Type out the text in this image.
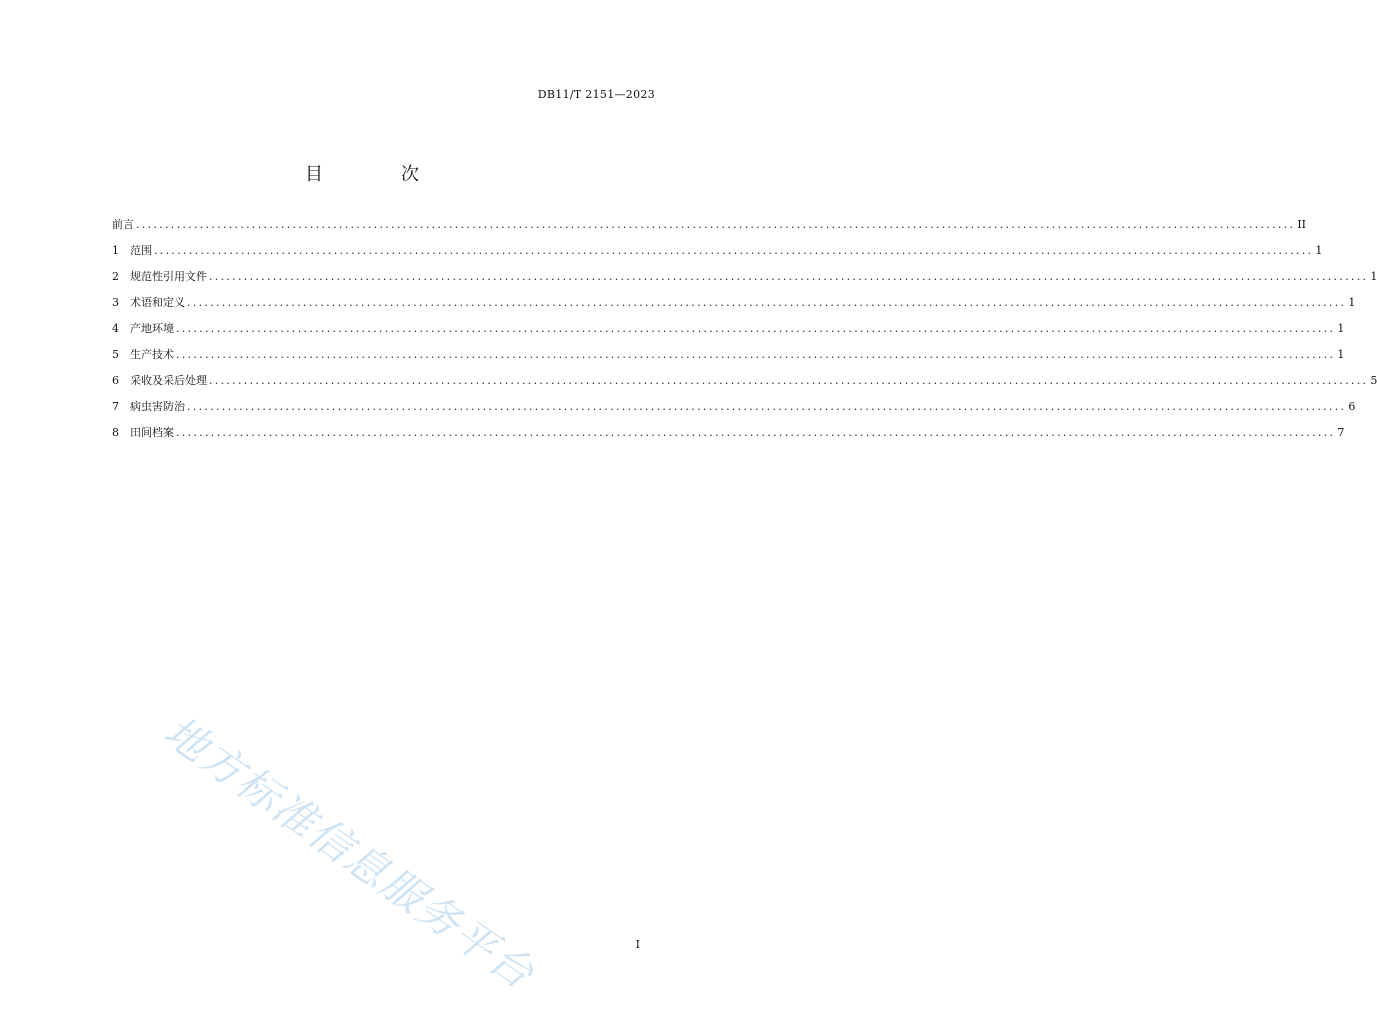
DB11/T 2151—2023
目　次
前言 ........................................................................................................................................................................................................ II
1	范围 ........................................................................................................................................................................................................ 1
2	规范性引用文件 ........................................................................................................................................................................................................ 1
3	术语和定义 ........................................................................................................................................................................................................ 1
4	产地环境 ........................................................................................................................................................................................................ 1
5	生产技术 ........................................................................................................................................................................................................ 1
6	采收及采后处理 ........................................................................................................................................................................................................ 5
7	病虫害防治 ........................................................................................................................................................................................................ 6
8	田间档案 ........................................................................................................................................................................................................ 7
地方标准信息服务平台	I
